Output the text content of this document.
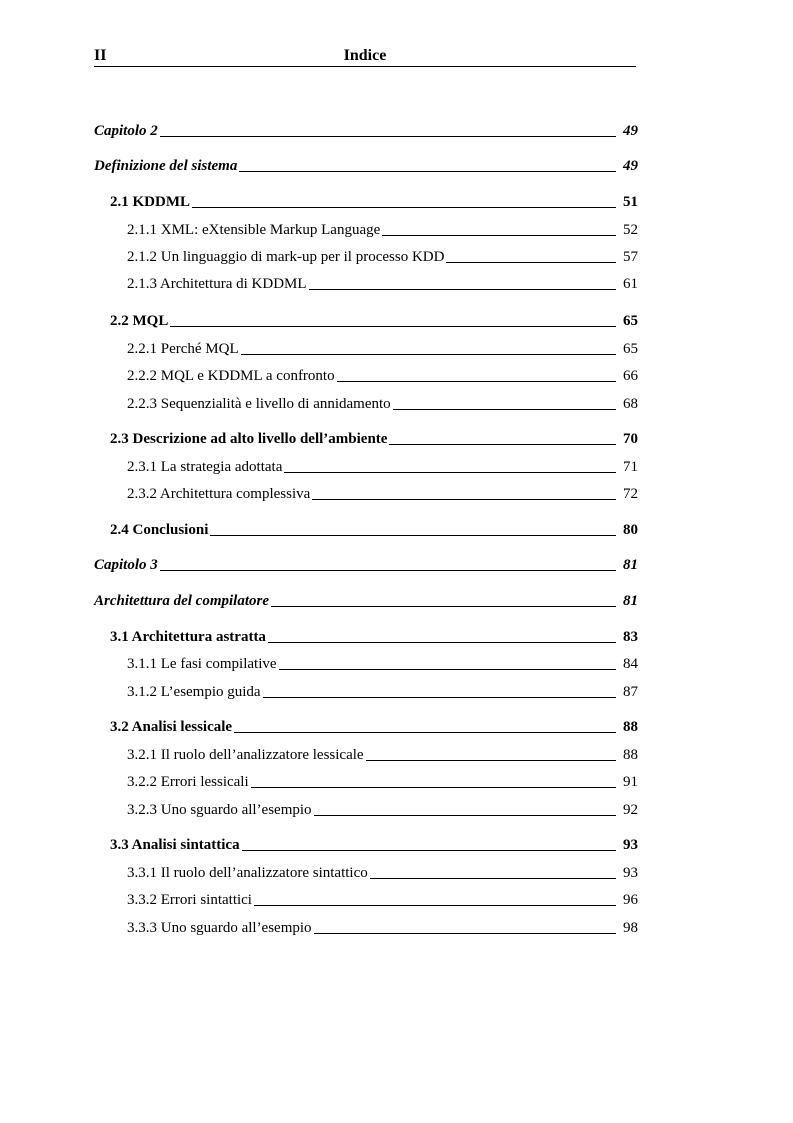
II	Indice
Capitolo 2	49
Definizione del sistema	49
2.1 KDDML	51
2.1.1 XML: eXtensible Markup Language	52
2.1.2 Un linguaggio di mark-up per il processo KDD	57
2.1.3 Architettura di KDDML	61
2.2 MQL	65
2.2.1 Perché MQL	65
2.2.2 MQL e KDDML a confronto	66
2.2.3 Sequenzialità e livello di annidamento	68
2.3 Descrizione ad alto livello dell’ambiente	70
2.3.1 La strategia adottata	71
2.3.2 Architettura complessiva	72
2.4 Conclusioni	80
Capitolo 3	81
Architettura del compilatore	81
3.1 Architettura astratta	83
3.1.1 Le fasi compilative	84
3.1.2 L’esempio guida	87
3.2 Analisi lessicale	88
3.2.1 Il ruolo dell’analizzatore lessicale	88
3.2.2 Errori lessicali	91
3.2.3 Uno sguardo all’esempio	92
3.3 Analisi sintattica	93
3.3.1 Il ruolo dell’analizzatore sintattico	93
3.3.2 Errori sintattici	96
3.3.3 Uno sguardo all’esempio	98
